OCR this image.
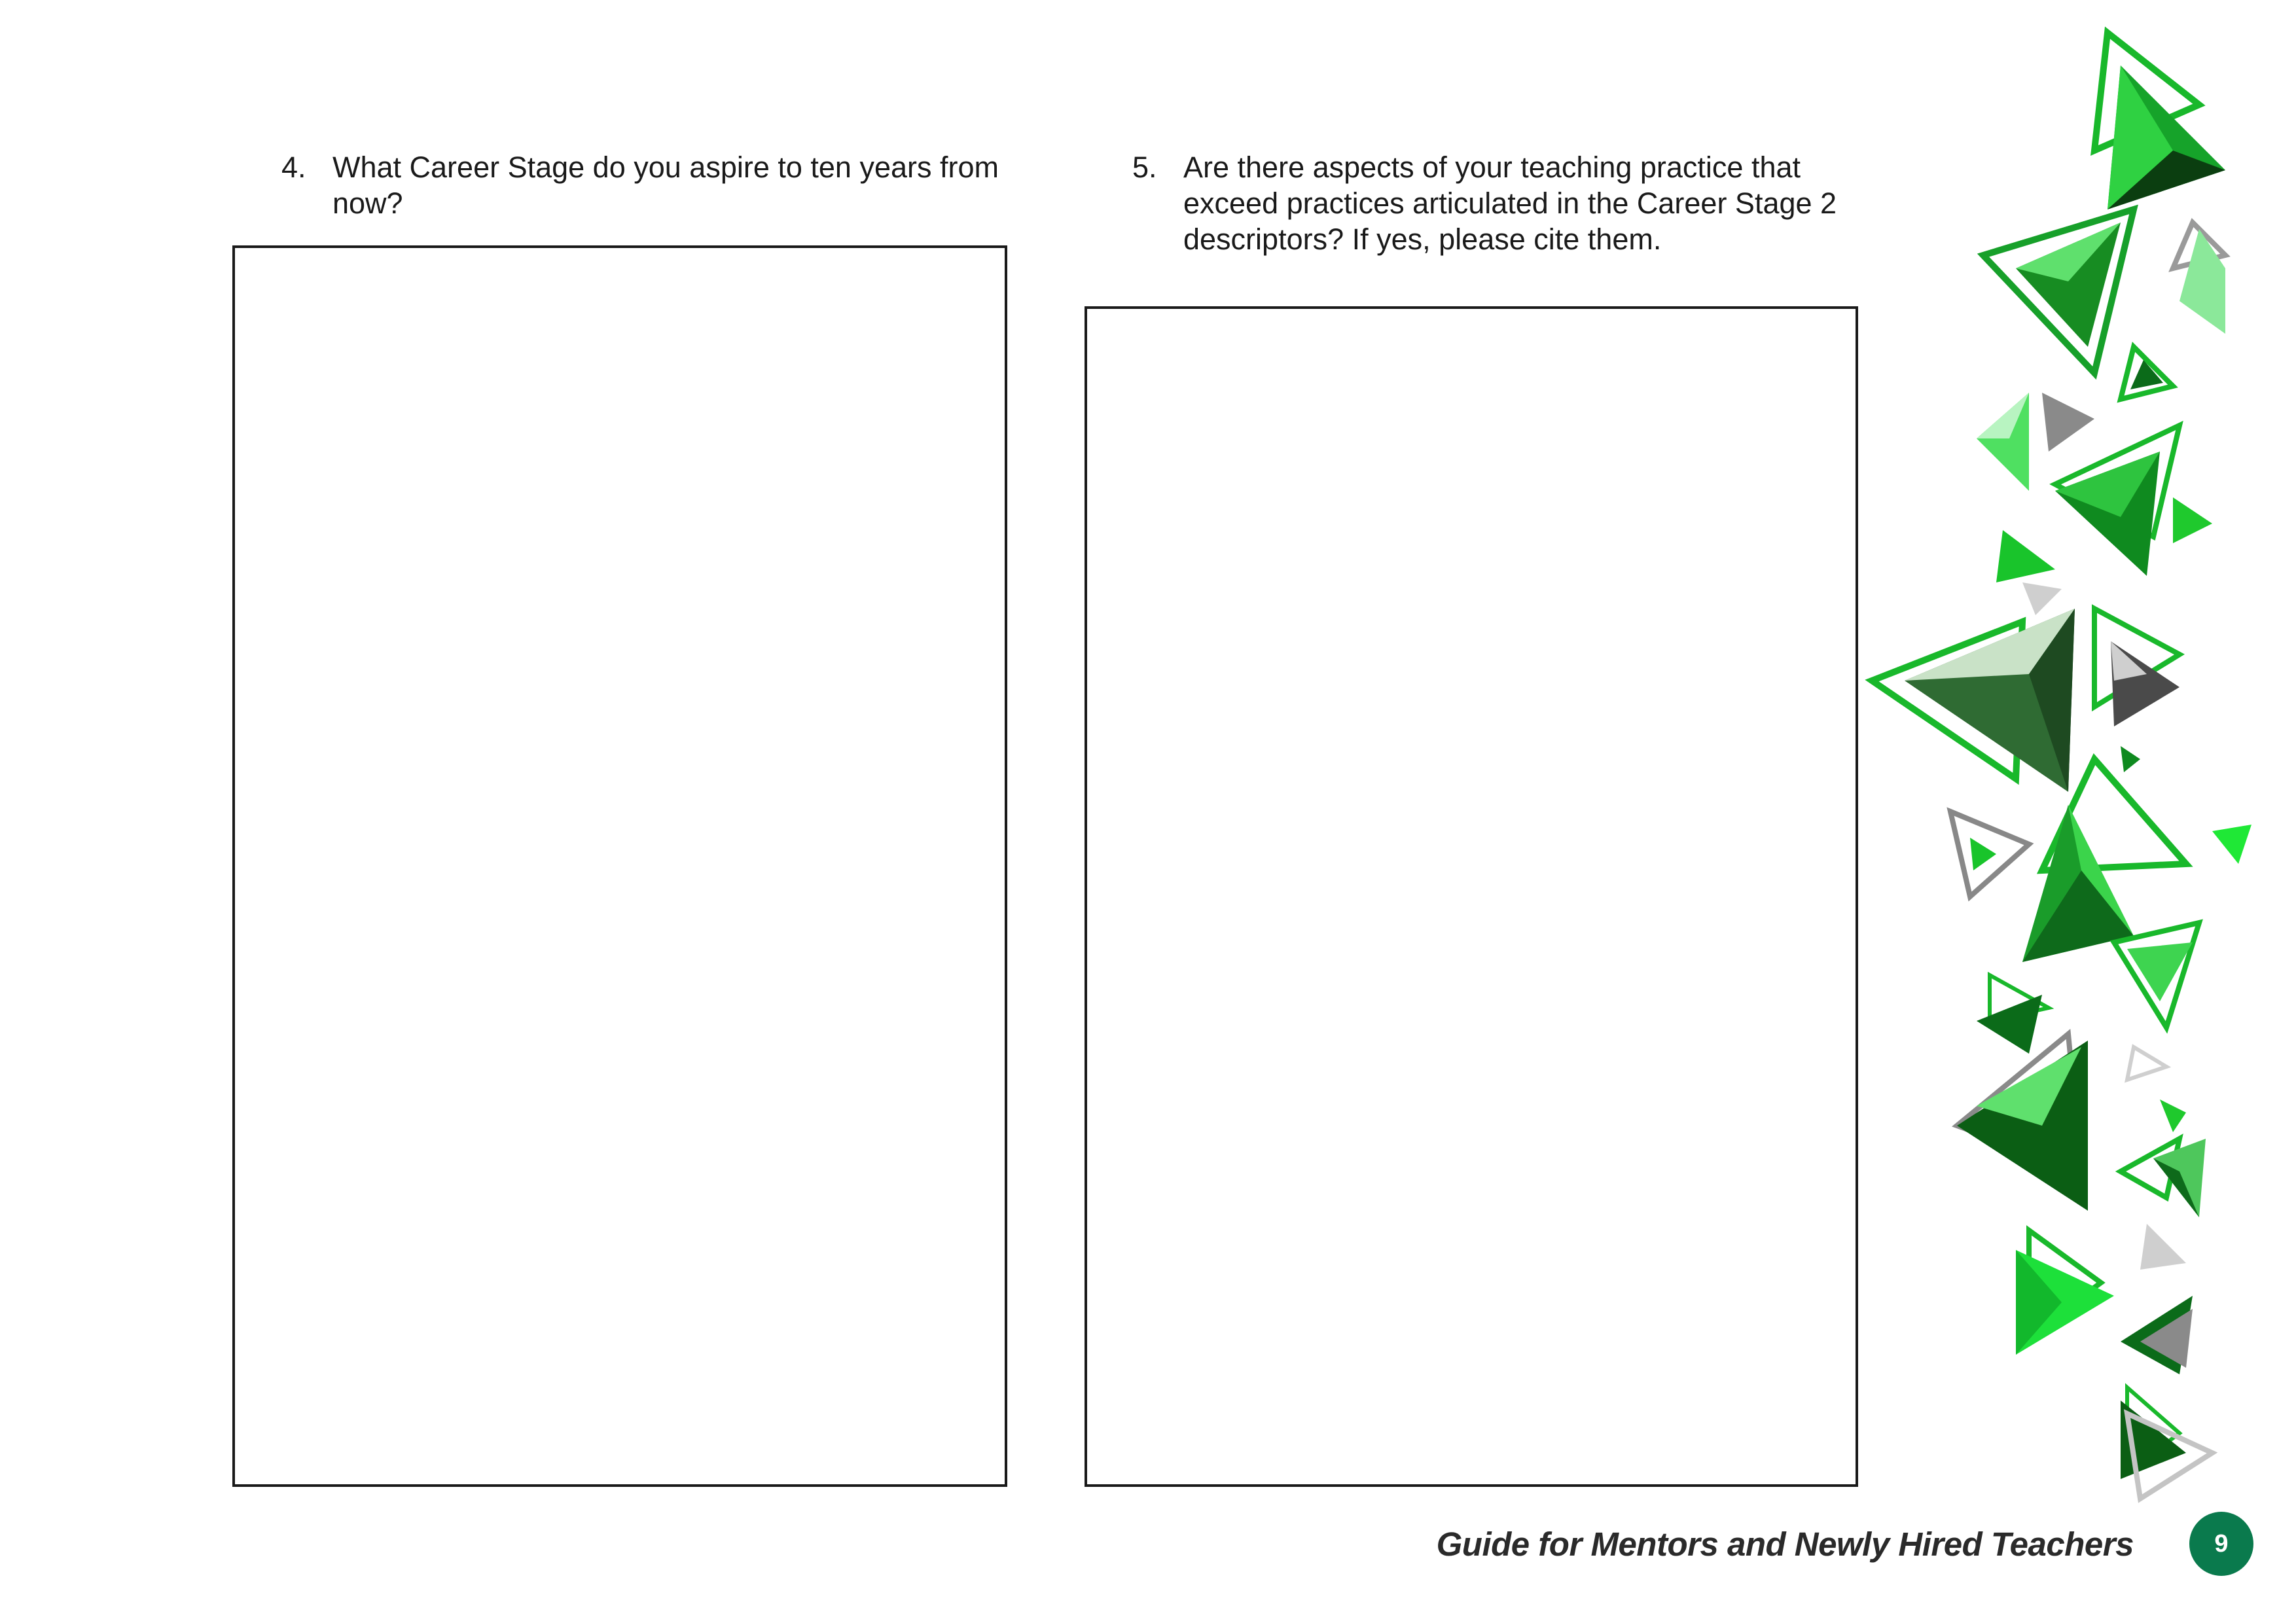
4. What Career Stage do you aspire to ten years from now?
5. Are there aspects of your teaching practice that exceed practices articulated in the Career Stage 2 descriptors? If yes, please cite them.
Guide for Mentors and Newly Hired Teachers	9
